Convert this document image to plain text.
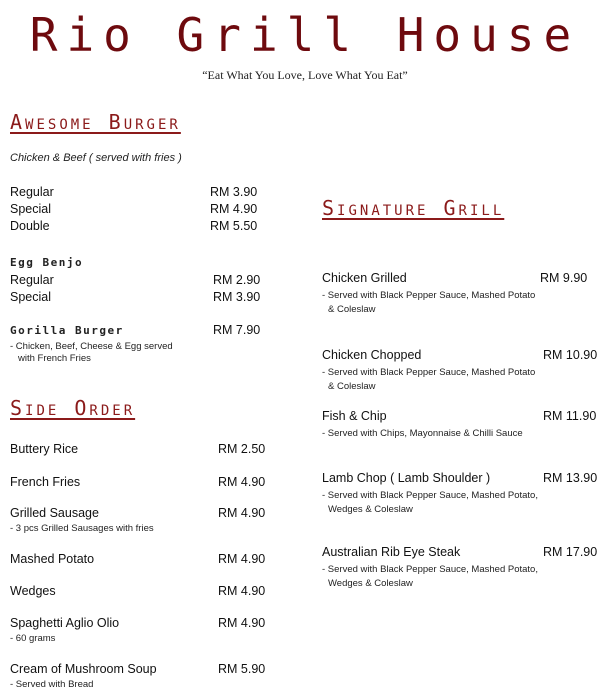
Rio Grill House
“Eat What You Love, Love What You Eat”
Awesome Burger
Chicken & Beef ( served with fries )
Egg Benjo
Gorilla Burger	RM 7.90
- Chicken, Beef, Cheese & Egg served
with French Fries
Side Order
Signature Grill
Regular	RM 3.90
Special	RM 4.90
Double	RM 5.50
Regular	RM 2.90
Special	RM 3.90
Buttery Rice	RM 2.50
French Fries	RM 4.90
Grilled Sausage	RM 4.90
- 3 pcs Grilled Sausages with fries
Mashed Potato	RM 4.90
Wedges	RM 4.90
Spaghetti Aglio Olio	RM 4.90
- 60 grams
Cream of Mushroom Soup	RM 5.90
- Served with Bread
Chicken Grilled	RM 9.90
- Served with Black Pepper Sauce, Mashed Potato
& Coleslaw
Chicken Chopped	RM 10.90
- Served with Black Pepper Sauce, Mashed Potato
& Coleslaw
Fish & Chip	RM 11.90
- Served with Chips, Mayonnaise & Chilli Sauce
Lamb Chop ( Lamb Shoulder )	RM 13.90
- Served with Black Pepper Sauce, Mashed Potato,
Wedges & Coleslaw
Australian Rib Eye Steak	RM 17.90
- Served with Black Pepper Sauce, Mashed Potato,
Wedges & Coleslaw
